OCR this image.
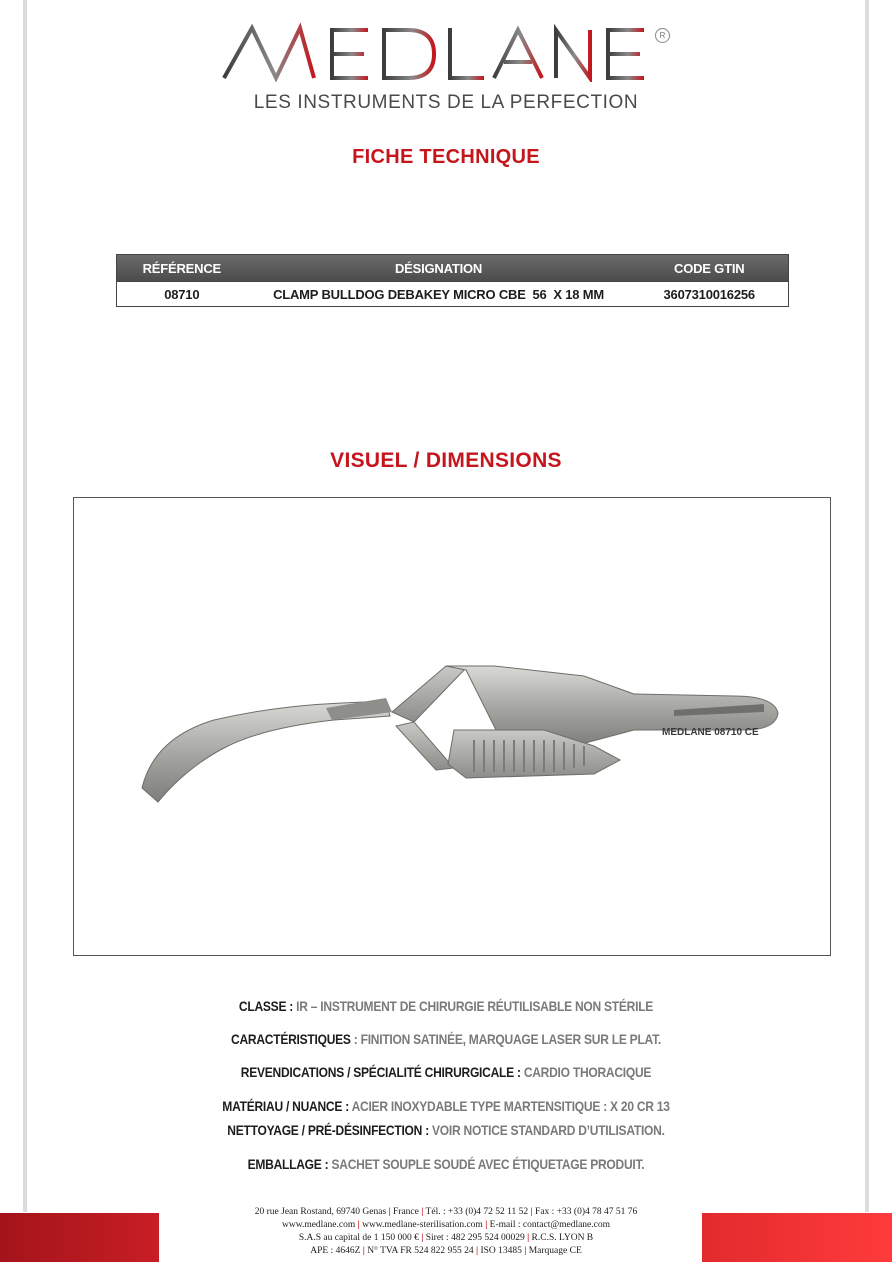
R
LES INSTRUMENTS DE LA PERFECTION
FICHE TECHNIQUE
RÉFÉRENCE	DÉSIGNATION	CODE GTIN
08710	CLAMP BULLDOG DEBAKEY MICRO CBE  56  X 18 MM	3607310016256
VISUEL / DIMENSIONS
MEDLANE 08710 CE
CLASSE : IR – INSTRUMENT DE CHIRURGIE RÉUTILISABLE NON STÉRILE
CARACTÉRISTIQUES : FINITION SATINÉE, MARQUAGE LASER SUR LE PLAT.
REVENDICATIONS / SPÉCIALITÉ CHIRURGICALE : CARDIO THORACIQUE
MATÉRIAU / NUANCE : ACIER INOXYDABLE TYPE MARTENSITIQUE : X 20 CR 13
NETTOYAGE / PRÉ-DÉSINFECTION : VOIR NOTICE STANDARD D’UTILISATION.
EMBALLAGE : SACHET SOUPLE SOUDÉ AVEC ÉTIQUETAGE PRODUIT.
20 rue Jean Rostand, 69740 Genas | France | Tél. : +33 (0)4 72 52 11 52 | Fax : +33 (0)4 78 47 51 76
www.medlane.com | www.medlane-sterilisation.com | E-mail : contact@medlane.com
S.A.S au capital de 1 150 000 € | Siret : 482 295 524 00029 | R.C.S. LYON B
APE : 4646Z | N° TVA FR 524 822 955 24 | ISO 13485 | Marquage CE
